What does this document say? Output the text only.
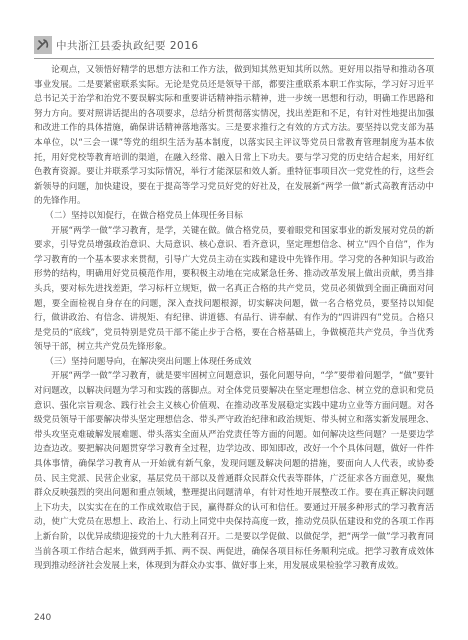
中共浙江县委执政纪要 2016

论观点，又领悟好精学的思想方法和工作方法，做到知其然更知其所以然。更好用以指导和推动各项事业发展。二是要紧密联系实际。无论是党员还是领导干部，都要注重联系本职工作实际，学习好习近平总书记关于治学和治党不要误解实际和重要讲话精神指示精神，进一步统一思想和行动，明确工作思路和努力方向。要对照讲话提出的各项要求，总结分析贯彻落实情况，找出差距和不足，有针对性地提出加强和改进工作的具体措施，确保讲话精神落地落实。三是要求推行之有效的方式方法。要坚持以党支部为基本单位，以“三会一课”等党的组织生活为基本制度，以落实民主评议等党员日常教育管理制度为基本依托，用好党校等教育培训的渠道，在融入经常、融入日常上下功夫。要与学习党的历史结合起来，用好红色教育资源。要让并联系学习实际情况，举行才能深层和效人新。重特征事项目次一党党性的行，这些会新领导的问题，加快建设，要在于提高等学习党员好党的好社及，在发展新“两学一做”新式高教育活动中的先锋作用。

（二）坚持以知促行，在做合格党员上体现任务目标

开展“两学一做”学习教育，是学，关键在做。做合格党员，要着眼党和国家事业的新发展对党员的新要求，引导党员增强政治意识、大局意识、核心意识、看齐意识，坚定理想信念、树立“四个自信”，作为学习教育的一个基本要求来贯彻，引导广大党员主动在实践和建设中先锋作用。学习党的各种知识与政治形势的结构，明确用好党员模范作用，要积极主动地在完成紧急任务、推动改革发展上做出贡献，勇当排头兵，要对标先进找差距，学习标杆立规矩，做一名真正合格的共产党员，党员必须做到全面正确面对问题，要全面检视自身存在的问题，深入查找问题根源，切实解决问题，做一名合格党员，要坚持以知促行，做讲政治、有信念、讲规矩、有纪律、讲道德、有品行、讲奉献、有作为的“四讲四有”党员。合格只是党员的“底线”，党员特别是党员干部不能止步于合格，要在合格基础上，争做模范共产党员，争当优秀领导干部，树立共产党员先锋形象。

（三）坚持问题导向，在解决突出问题上体现任务成效

开展“两学一做”学习教育，就是要牢固树立问题意识，强化问题导向，“学”要带着问题学，“做”要针对问题改，以解决问题为学习和实践的落脚点。对全体党员要解决在坚定理想信念、树立党的意识和党员意识、强化宗旨观念、践行社会主义核心价值观、在推动改革发展稳定实践中建功立业等方面问题。对各级党员领导干部要解决带头坚定理想信念、带头严守政治纪律和政治规矩、带头树立和落实新发展理念、带头攻坚克难破解发展难题、带头落实全面从严治党责任等方面的问题。如何解决这些问题？一是要边学边查边改。要把解决问题贯穿学习教育全过程，边学边改、即知即改，改好一个个具体问题，做好一件件具体事情，确保学习教育从一开始就有新气象，发现问题及解决问题的措施，要面向人人代表，或协委员、民主党派、民营企业家，基层党员干部以及普通群众民群众代表等群体，广泛征求各方面意见，聚焦群众反映强烈的突出问题和重点领域，整理提出问题清单，有针对性地开展整改工作。要在真正解决问题上下功夫，以实实在在的工作成效取信于民，赢得群众的认可和信任。要通过开展多种形式的学习教育活动，使广大党员在思想上、政治上、行动上同党中央保持高度一致，推动党员队伍建设和党的各项工作再上新台阶，以优异成绩迎接党的十九大胜利召开。二是要以学促做、以做促学，把“两学一做”学习教育同当前各项工作结合起来，做到两手抓、两不误、两促进，确保各项目标任务顺利完成。把学习教育成效体现到推动经济社会发展上来，体现到为群众办实事、做好事上来，用发展成果检验学习教育成效。

240
